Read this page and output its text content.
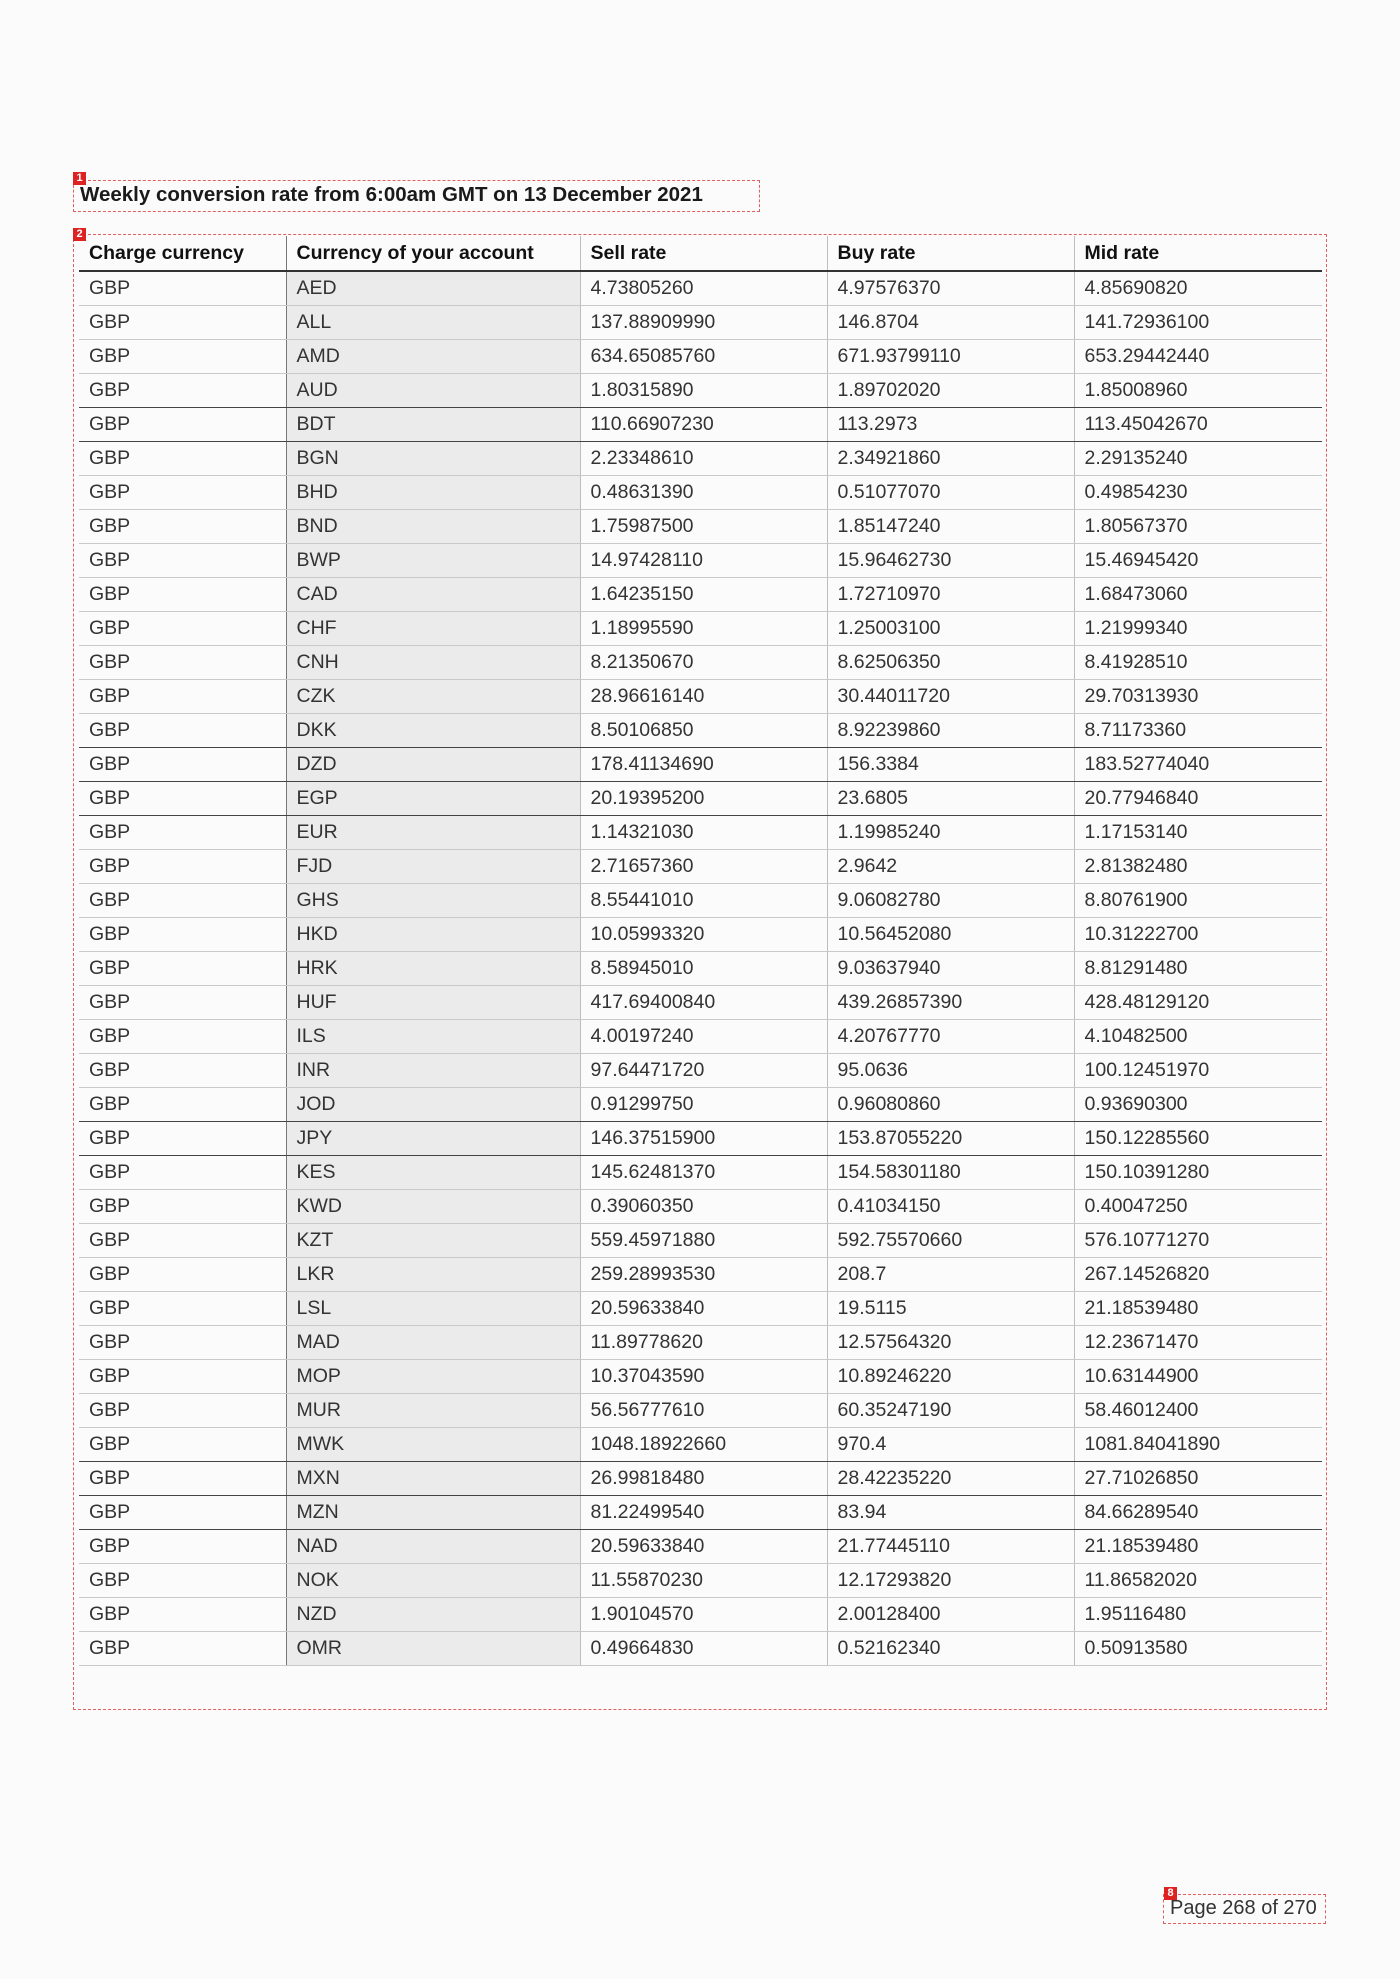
1
Weekly conversion rate from 6:00am GMT on 13 December 2021
2
Charge currency	Currency of your account	Sell rate	Buy rate	Mid rate
GBP	AED	4.73805260	4.97576370	4.85690820
GBP	ALL	137.88909990	146.8704	141.72936100
GBP	AMD	634.65085760	671.93799110	653.29442440
GBP	AUD	1.80315890	1.89702020	1.85008960
GBP	BDT	110.66907230	113.2973	113.45042670
GBP	BGN	2.23348610	2.34921860	2.29135240
GBP	BHD	0.48631390	0.51077070	0.49854230
GBP	BND	1.75987500	1.85147240	1.80567370
GBP	BWP	14.97428110	15.96462730	15.46945420
GBP	CAD	1.64235150	1.72710970	1.68473060
GBP	CHF	1.18995590	1.25003100	1.21999340
GBP	CNH	8.21350670	8.62506350	8.41928510
GBP	CZK	28.96616140	30.44011720	29.70313930
GBP	DKK	8.50106850	8.92239860	8.71173360
GBP	DZD	178.41134690	156.3384	183.52774040
GBP	EGP	20.19395200	23.6805	20.77946840
GBP	EUR	1.14321030	1.19985240	1.17153140
GBP	FJD	2.71657360	2.9642	2.81382480
GBP	GHS	8.55441010	9.06082780	8.80761900
GBP	HKD	10.05993320	10.56452080	10.31222700
GBP	HRK	8.58945010	9.03637940	8.81291480
GBP	HUF	417.69400840	439.26857390	428.48129120
GBP	ILS	4.00197240	4.20767770	4.10482500
GBP	INR	97.64471720	95.0636	100.12451970
GBP	JOD	0.91299750	0.96080860	0.93690300
GBP	JPY	146.37515900	153.87055220	150.12285560
GBP	KES	145.62481370	154.58301180	150.10391280
GBP	KWD	0.39060350	0.41034150	0.40047250
GBP	KZT	559.45971880	592.75570660	576.10771270
GBP	LKR	259.28993530	208.7	267.14526820
GBP	LSL	20.59633840	19.5115	21.18539480
GBP	MAD	11.89778620	12.57564320	12.23671470
GBP	MOP	10.37043590	10.89246220	10.63144900
GBP	MUR	56.56777610	60.35247190	58.46012400
GBP	MWK	1048.18922660	970.4	1081.84041890
GBP	MXN	26.99818480	28.42235220	27.71026850
GBP	MZN	81.22499540	83.94	84.66289540
GBP	NAD	20.59633840	21.77445110	21.18539480
GBP	NOK	11.55870230	12.17293820	11.86582020
GBP	NZD	1.90104570	2.00128400	1.95116480
GBP	OMR	0.49664830	0.52162340	0.50913580
8
Page 268 of 270
